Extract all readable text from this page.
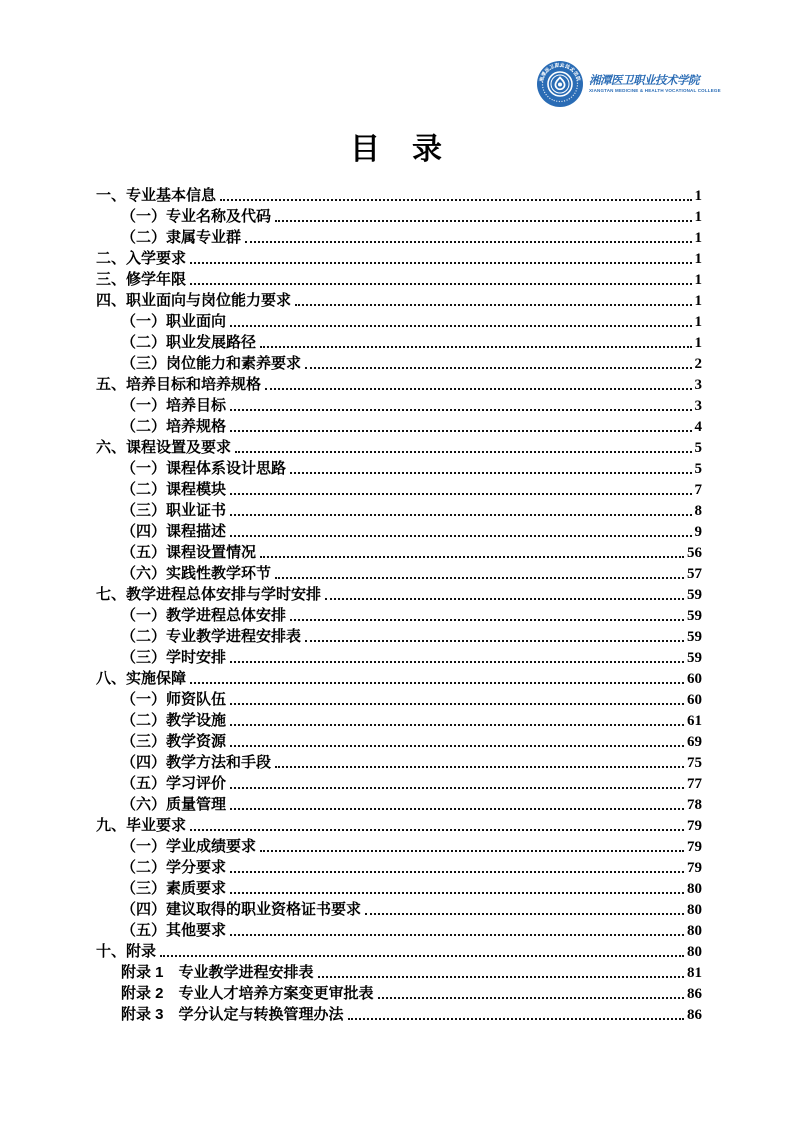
湘潭医卫职业技术学院 湘潭医卫职业技术学院
XIANGTAN MEDICINE & HEALTH VOCATIONAL COLLEGE
目　录
一、专业基本信息	1
（一）专业名称及代码	1
（二）隶属专业群	1
二、入学要求	1
三、修学年限	1
四、职业面向与岗位能力要求	1
（一）职业面向	1
（二）职业发展路径	1
（三）岗位能力和素养要求	2
五、培养目标和培养规格	3
（一）培养目标	3
（二）培养规格	4
六、课程设置及要求	5
（一）课程体系设计思路	5
（二）课程模块	7
（三）职业证书	8
（四）课程描述	9
（五）课程设置情况	56
（六）实践性教学环节	57
七、教学进程总体安排与学时安排	59
（一）教学进程总体安排	59
（二）专业教学进程安排表	59
（三）学时安排	59
八、实施保障	60
（一）师资队伍	60
（二）教学设施	61
（三）教学资源	69
（四）教学方法和手段	75
（五）学习评价	77
（六）质量管理	78
九、毕业要求	79
（一）学业成绩要求	79
（二）学分要求	79
（三）素质要求	80
（四）建议取得的职业资格证书要求	80
（五）其他要求	80
十、附录	80
附录 1　专业教学进程安排表	81
附录 2　专业人才培养方案变更审批表	86
附录 3　学分认定与转换管理办法	86
